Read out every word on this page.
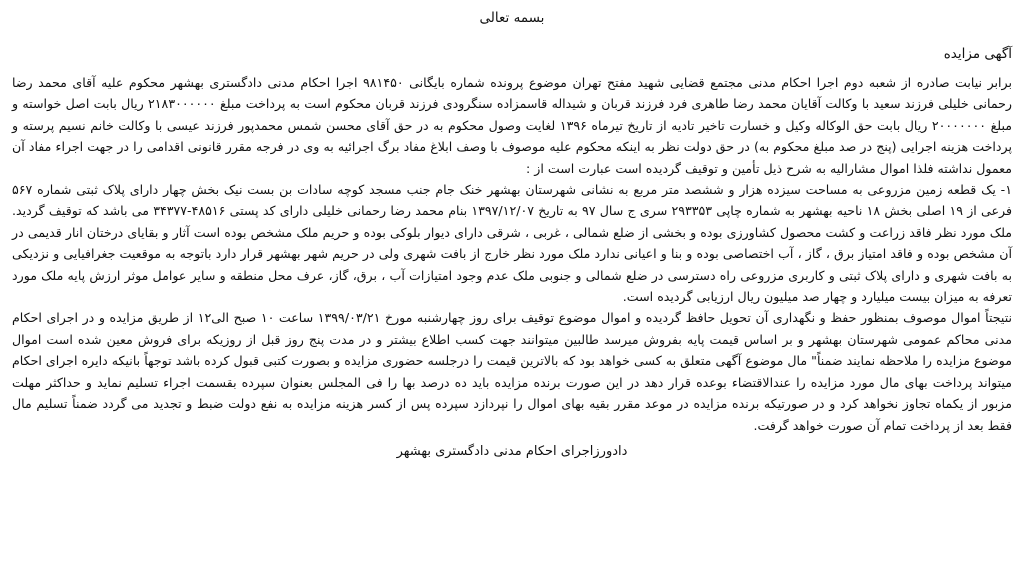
بسمه تعالی
آگهی مزایده

برابر نیابت صادره از شعبه دوم اجرا احکام مدنی مجتمع قضایی شهید مفتح تهران موضوع پرونده شماره بایگانی ۹۸۱۴۵۰ اجرا احکام مدنی دادگستری بهشهر محکوم علیه آقای محمد رضا رحمانی خلیلی فرزند سعید با وکالت آقایان محمد رضا طاهری فرد فرزند قربان و شیداله قاسمزاده سنگرودی فرزند قربان محکوم است به پرداخت مبلغ ۲۱۸۳۰۰۰۰۰۰ ریال بابت اصل خواسته و مبلغ ۲۰۰۰۰۰۰۰ ریال بابت حق الوکاله وکیل و خسارت تاخیر تادیه از تاریخ تیرماه ۱۳۹۶ لغایت وصول محکوم به در حق آقای محسن شمس محمدپور فرزند عیسی با وکالت خانم نسیم پرسته و پرداخت هزینه اجرایی (پنج در صد مبلغ محکوم به) در حق دولت نظر به اینکه محکوم علیه موصوف با وصف ابلاغ مفاد برگ اجرائیه به وی در فرجه مقرر قانونی اقدامی را در جهت اجراء مفاد آن معمول نداشته فلذا اموال مشارالیه به شرح ذیل تأمین و توقیف گردیده است عبارت است از :

۱- یک قطعه زمین مزروعی به مساحت سیزده هزار و ششصد متر مربع به نشانی شهرستان بهشهر خنک جام جنب مسجد کوچه سادات بن بست نیک بخش چهار دارای پلاک ثبتی شماره ۵۶۷ فرعی از ۱۹ اصلی بخش ۱۸ ناحیه بهشهر به شماره چاپی ۲۹۳۳۵۳ سری ج سال ۹۷ به تاریخ ۱۳۹۷/۱۲/۰۷ بنام محمد رضا رحمانی خلیلی دارای کد پستی ۴۸۵۱۶-۳۴۳۷۷ می باشد که توقیف گردید. ملک مورد نظر فاقد زراعت و کشت محصول کشاورزی بوده و بخشی از ضلع شمالی ، غربی ، شرقی دارای دیوار بلوکی بوده و حریم ملک مشخص بوده است آثار و بقایای درختان انار قدیمی در آن مشخص بوده و فاقد امتیاز برق ، گاز ، آب اختصاصی بوده و بنا و اعیانی ندارد ملک مورد نظر خارج از بافت شهری ولی در حریم شهر بهشهر قرار دارد باتوجه به موقعیت جغرافیایی و نزدیکی به بافت شهری و دارای پلاک ثبتی و کاربری مزروعی راه دسترسی در ضلع شمالی و جنوبی ملک عدم وجود امتیازات آب ، برق، گاز، عرف محل منطقه و سایر عوامل موثر ارزش پایه ملک مورد تعرفه به میزان بیست میلیارد و چهار صد میلیون ریال ارزیابی گردیده است.

نتیجتاً اموال موصوف بمنظور حفظ و نگهداری آن تحویل حافظ گردیده و اموال موضوع توقیف برای روز چهارشنبه مورخ ۱۳۹۹/۰۳/۲۱ ساعت ۱۰ صبح الی۱۲ از طریق مزایده و در اجرای احکام مدنی محاکم عمومی شهرستان بهشهر و بر اساس قیمت پایه بفروش میرسد طالبین میتوانند جهت کسب اطلاع بیشتر و در مدت پنج روز قبل از روزیکه برای فروش معین شده است اموال موضوع مزایده را ملاحظه نمایند ضمناً" مال موضوع آگهی متعلق به کسی خواهد بود که بالاترین قیمت را درجلسه حضوری مزایده و بصورت کتبی قبول کرده باشد توجهاً بانیکه دایره اجرای احکام میتواند پرداخت بهای مال مورد مزایده را عندالاقتضاء بوعده قرار دهد در این صورت برنده مزایده باید ده درصد بها را فی المجلس بعنوان سپرده بقسمت اجراء تسلیم نماید و حداکثر مهلت مزبور از یکماه تجاوز نخواهد کرد و در صورتیکه برنده مزایده در موعد مقرر بقیه بهای اموال را نپردازد سپرده پس از کسر هزینه مزایده به نفع دولت ضبط و تجدید می گردد ضمناً تسلیم مال فقط بعد از پرداخت تمام آن صورت خواهد گرفت.

دادورزاجرای احکام مدنی دادگستری بهشهر
